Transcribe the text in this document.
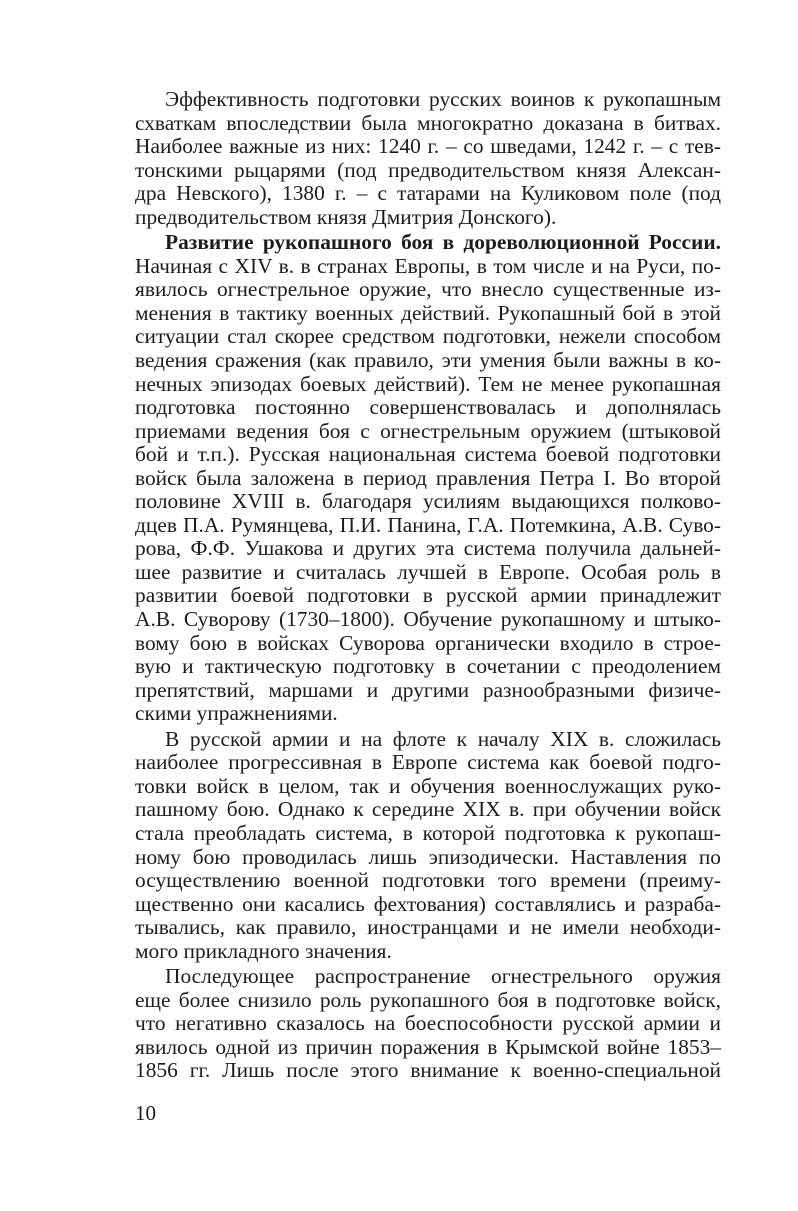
Эффективность подготовки русских воинов к рукопашным
схваткам впоследствии была многократно доказана в битвах.
Наиболее важные из них: 1240 г. – со шведами, 1242 г. – с тев-
тонскими рыцарями (под предводительством князя Алексан-
дра Невского), 1380 г. – с татарами на Куликовом поле (под
предводительством князя Дмитрия Донского).
Развитие рукопашного боя в дореволюционной России.
Начиная с XIV в. в странах Европы, в том числе и на Руси, по-
явилось огнестрельное оружие, что внесло существенные из-
менения в тактику военных действий. Рукопашный бой в этой
ситуации стал скорее средством подготовки, нежели способом
ведения сражения (как правило, эти умения были важны в ко-
нечных эпизодах боевых действий). Тем не менее рукопашная
подготовка постоянно совершенствовалась и дополнялась
приемами ведения боя с огнестрельным оружием (штыковой
бой и т.п.). Русская национальная система боевой подготовки
войск была заложена в период правления Петра I. Во второй
половине XVIII в. благодаря усилиям выдающихся полково-
дцев П.А. Румянцева, П.И. Панина, Г.А. Потемкина, А.В. Суво-
рова, Ф.Ф. Ушакова и других эта система получила дальней-
шее развитие и считалась лучшей в Европе. Особая роль в
развитии боевой подготовки в русской армии принадлежит
А.В. Суворову (1730–1800). Обучение рукопашному и штыко-
вому бою в войсках Суворова органически входило в строе-
вую и тактическую подготовку в сочетании с преодолением
препятствий, маршами и другими разнообразными физиче-
скими упражнениями.
В русской армии и на флоте к началу XIX в. сложилась
наиболее прогрессивная в Европе система как боевой подго-
товки войск в целом, так и обучения военнослужащих руко-
пашному бою. Однако к середине XIX в. при обучении войск
стала преобладать система, в которой подготовка к рукопаш-
ному бою проводилась лишь эпизодически. Наставления по
осуществлению военной подготовки того времени (преиму-
щественно они касались фехтования) составлялись и разраба-
тывались, как правило, иностранцами и не имели необходи-
мого прикладного значения.
Последующее распространение огнестрельного оружия
еще более снизило роль рукопашного боя в подготовке войск,
что негативно сказалось на боеспособности русской армии и
явилось одной из причин поражения в Крымской войне 1853–
1856 гг. Лишь после этого внимание к военно-специальной
10
